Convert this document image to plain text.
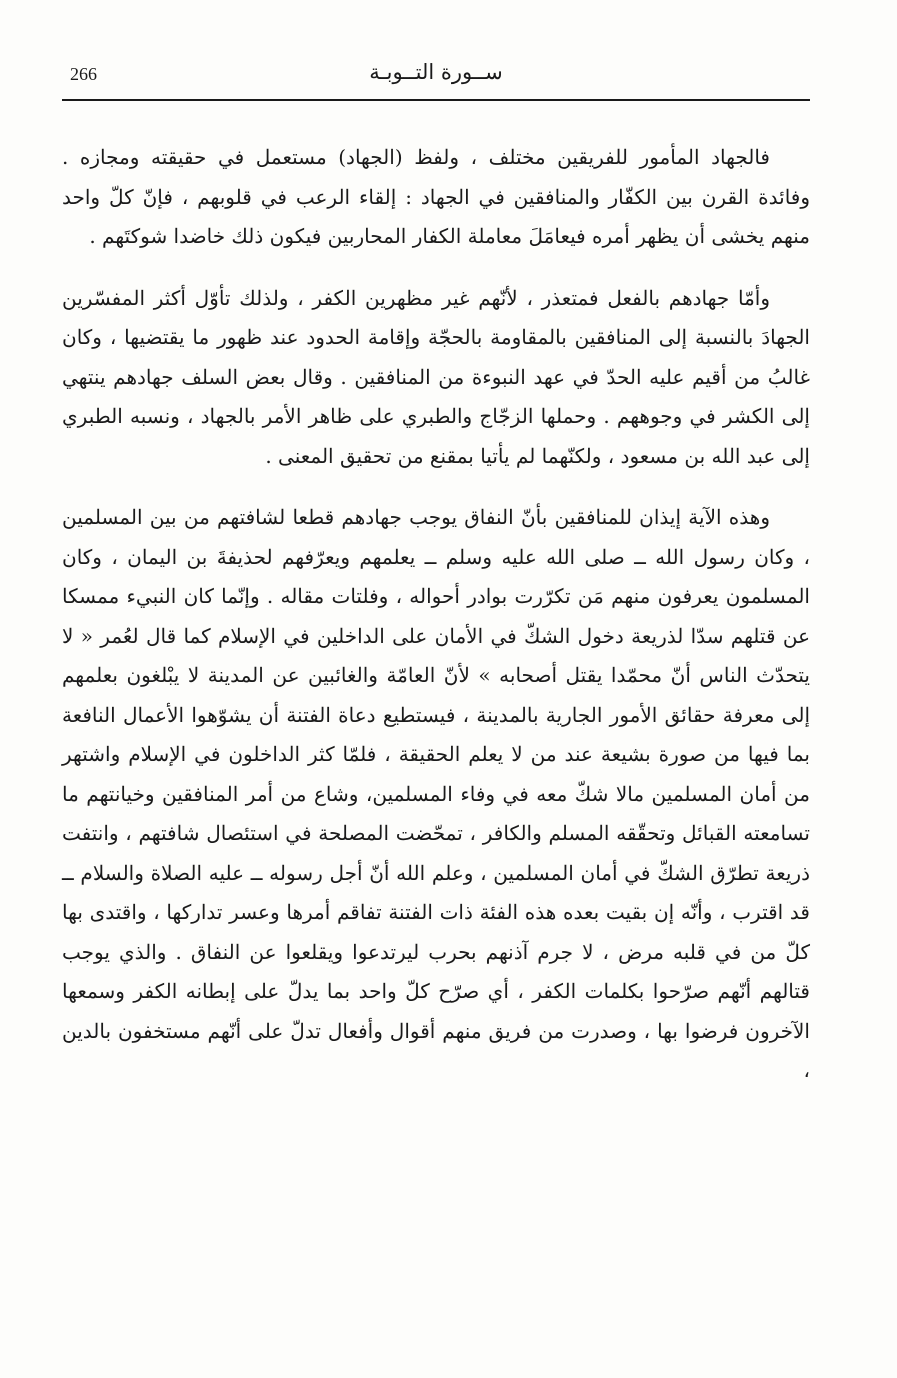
266	ســورة التــوبـة

فالجهاد المأمور للفريقين مختلف ، ولفظ (الجهاد) مستعمل في حقيقته ومجازه . وفائدة القرن بين الكفّار والمنافقين في الجهاد : إلقاء الرعب في قلوبهم ، فإنّ كلّ واحد منهم يخشى أن يظهر أمره فيعامَلَ معاملة الكفار المحاربين فيكون ذلك خاضدا شوكتَهم .

وأمّا جهادهم بالفعل فمتعذر ، لأنّهم غير مظهرين الكفر ، ولذلك تأوّل أكثر المفسّرين الجهادَ بالنسبة إلى المنافقين بالمقاومة بالحجّة وإقامة الحدود عند ظهور ما يقتضيها ، وكان غالبُ من أقيم عليه الحدّ في عهد النبوءة من المنافقين . وقال بعض السلف جهادهم ينتهي إلى الكشر في وجوههم . وحملها الزجّاج والطبري على ظاهر الأمر بالجهاد ، ونسبه الطبري إلى عبد الله بن مسعود ، ولكنّهما لم يأتيا بمقنع من تحقيق المعنى .

وهذه الآية إيذان للمنافقين بأنّ النفاق يوجب جهادهم قطعا لشافتهم من بين المسلمين ، وكان رسول الله ــ صلى الله عليه وسلم ــ يعلمهم ويعرّفهم لحذيفةَ بن اليمان ، وكان المسلمون يعرفون منهم مَن تكرّرت بوادر أحواله ، وفلتات مقاله . وإنّما كان النبيء ممسكا عن قتلهم سدّا لذريعة دخول الشكّ في الأمان على الداخلين في الإسلام كما قال لعُمر « لا يتحدّث الناس أنّ محمّدا يقتل أصحابه » لأنّ العامّة والغائبين عن المدينة لا يبْلغون بعلمهم إلى معرفة حقائق الأمور الجارية بالمدينة ، فيستطيع دعاة الفتنة أن يشوّهوا الأعمال النافعة بما فيها من صورة بشيعة عند من لا يعلم الحقيقة ، فلمّا كثر الداخلون في الإسلام واشتهر من أمان المسلمين مالا شكّ معه في وفاء المسلمين، وشاع من أمر المنافقين وخيانتهم ما تسامعته القبائل وتحقّقه المسلم والكافر ، تمحّضت المصلحة في استئصال شافتهم ، وانتفت ذريعة تطرّق الشكّ في أمان المسلمين ، وعلم الله أنّ أجل رسوله ــ عليه الصلاة والسلام ــ قد اقترب ، وأنّه إن بقيت بعده هذه الفئة ذات الفتنة تفاقم أمرها وعسر تداركها ، واقتدى بها كلّ من في قلبه مرض ، لا جرم آذنهم بحرب ليرتدعوا ويقلعوا عن النفاق . والذي يوجب قتالهم أنّهم صرّحوا بكلمات الكفر ، أي صرّح كلّ واحد بما يدلّ على إبطانه الكفر وسمعها الآخرون فرضوا بها ، وصدرت من فريق منهم أقوال وأفعال تدلّ على أنّهم مستخفون بالدين ،
